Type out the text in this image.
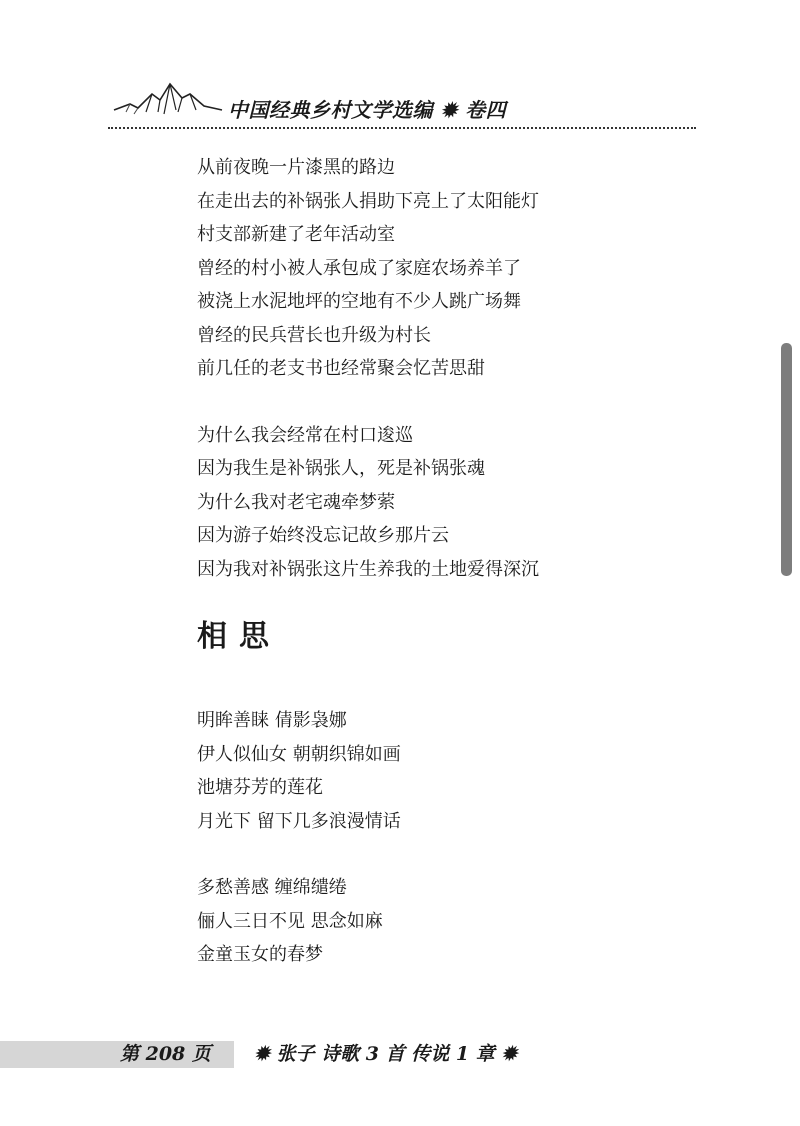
中国经典乡村文学选编 ✹ 卷四
从前夜晚一片漆黑的路边
在走出去的补锅张人捐助下亮上了太阳能灯
村支部新建了老年活动室
曾经的村小被人承包成了家庭农场养羊了
被浇上水泥地坪的空地有不少人跳广场舞
曾经的民兵营长也升级为村长
前几任的老支书也经常聚会忆苦思甜
为什么我会经常在村口逡巡
因为我生是补锅张人，死是补锅张魂
为什么我对老宅魂牵梦萦
因为游子始终没忘记故乡那片云
因为我对补锅张这片生养我的土地爱得深沉
相思
明眸善睐 倩影袅娜
伊人似仙女 朝朝织锦如画
池塘芬芳的莲花
月光下 留下几多浪漫情话
多愁善感 缠绵缱绻
俪人三日不见 思念如麻
金童玉女的春梦
第 208 页 ✹ 张子 诗歌 3 首 传说 1 章 ✹
